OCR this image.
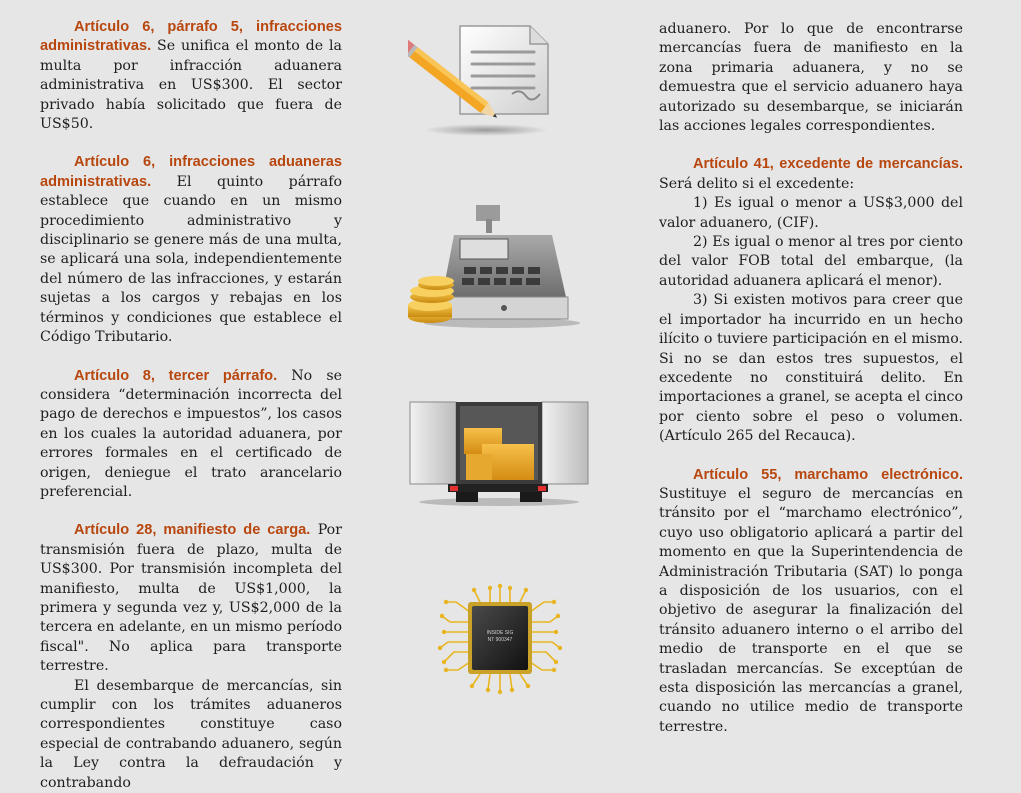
Artículo 6, párrafo 5, infracciones administrativas. Se unifica el monto de la multa por infracción aduanera administrativa en US$300. El sector privado había solicitado que fuera de US$50.

Artículo 6, infracciones aduaneras administrativas. El quinto párrafo establece que cuando en un mismo procedimiento administrativo y disciplinario se genere más de una multa, se aplicará una sola, independientemente del número de las infracciones, y estarán sujetas a los cargos y rebajas en los términos y condiciones que establece el Código Tributario.

Artículo 8, tercer párrafo. No se considera “determinación incorrecta del pago de derechos e impuestos”, los casos en los cuales la autoridad aduanera, por errores formales en el certificado de origen, deniegue el trato arancelario preferencial.

Artículo 28, manifiesto de carga. Por transmisión fuera de plazo, multa de US$300. Por transmisión incompleta del manifiesto, multa de US$1,000, la primera y segunda vez y, US$2,000 de la tercera en adelante, en un mismo período fiscal". No aplica para transporte terrestre.

El desembarque de mercancías, sin cumplir con los trámites aduaneros correspondientes constituye caso especial de contrabando aduanero, según la Ley contra la defraudación y contrabando

INSIDE SIG
NT 900347

aduanero. Por lo que de encontrarse mercancías fuera de manifiesto en la zona primaria aduanera, y no se demuestra que el servicio aduanero haya autorizado su desembarque, se iniciarán las acciones legales correspondientes.

Artículo 41, excedente de mercancías. Será delito si el excedente:

1) Es igual o menor a US$3,000 del valor aduanero, (CIF).

2) Es igual o menor al tres por ciento del valor FOB total del embarque, (la autoridad aduanera aplicará el menor).

3) Si existen motivos para creer que el importador ha incurrido en un hecho ilícito o tuviere participación en el mismo. Si no se dan estos tres supuestos, el excedente no constituirá delito. En importaciones a granel, se acepta el cinco por ciento sobre el peso o volumen. (Artículo 265 del Recauca).

Artículo 55, marchamo electrónico. Sustituye el seguro de mercancías en tránsito por el “marchamo electrónico”, cuyo uso obligatorio aplicará a partir del momento en que la Superintendencia de Administración Tributaria (SAT) lo ponga a disposición de los usuarios, con el objetivo de asegurar la finalización del tránsito aduanero interno o el arribo del medio de transporte en el que se trasladan mercancías. Se exceptúan de esta disposición las mercancías a granel, cuando no utilice medio de transporte terrestre.
